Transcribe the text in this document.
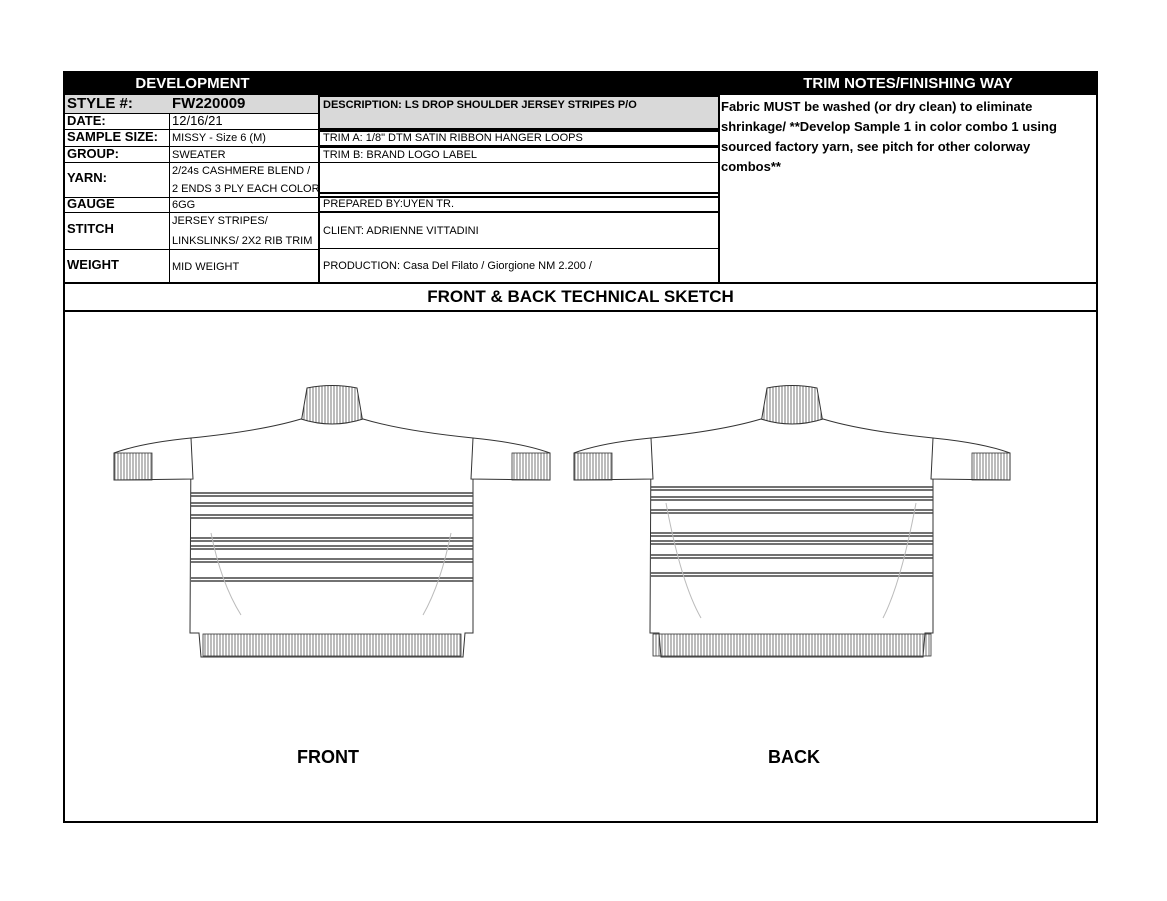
DEVELOPMENT	TRIM NOTES/FINISHING WAY
STYLE #:	FW220009
DATE:	12/16/21
SAMPLE SIZE: MISSY - Size 6 (M)
GROUP:	SWEATER
YARN:	2/24s CASHMERE BLEND /
2 ENDS 3 PLY EACH COLOR
GAUGE	6GG
STITCH	JERSEY STRIPES/
LINKSLINKS/ 2X2 RIB TRIM
WEIGHT	MID WEIGHT
DESCRIPTION: LS DROP SHOULDER JERSEY STRIPES P/O
TRIM A: 1/8" DTM SATIN RIBBON HANGER LOOPS
TRIM B: BRAND LOGO LABEL
PREPARED BY:UYEN TR.
CLIENT: ADRIENNE VITTADINI
PRODUCTION: Casa Del Filato / Giorgione NM 2.200 /
Fabric MUST be washed (or dry clean) to eliminate shrinkage/ **Develop Sample 1 in color combo 1 using sourced factory yarn, see pitch for other colorway combos**
FRONT & BACK TECHNICAL SKETCH
FRONT	BACK
